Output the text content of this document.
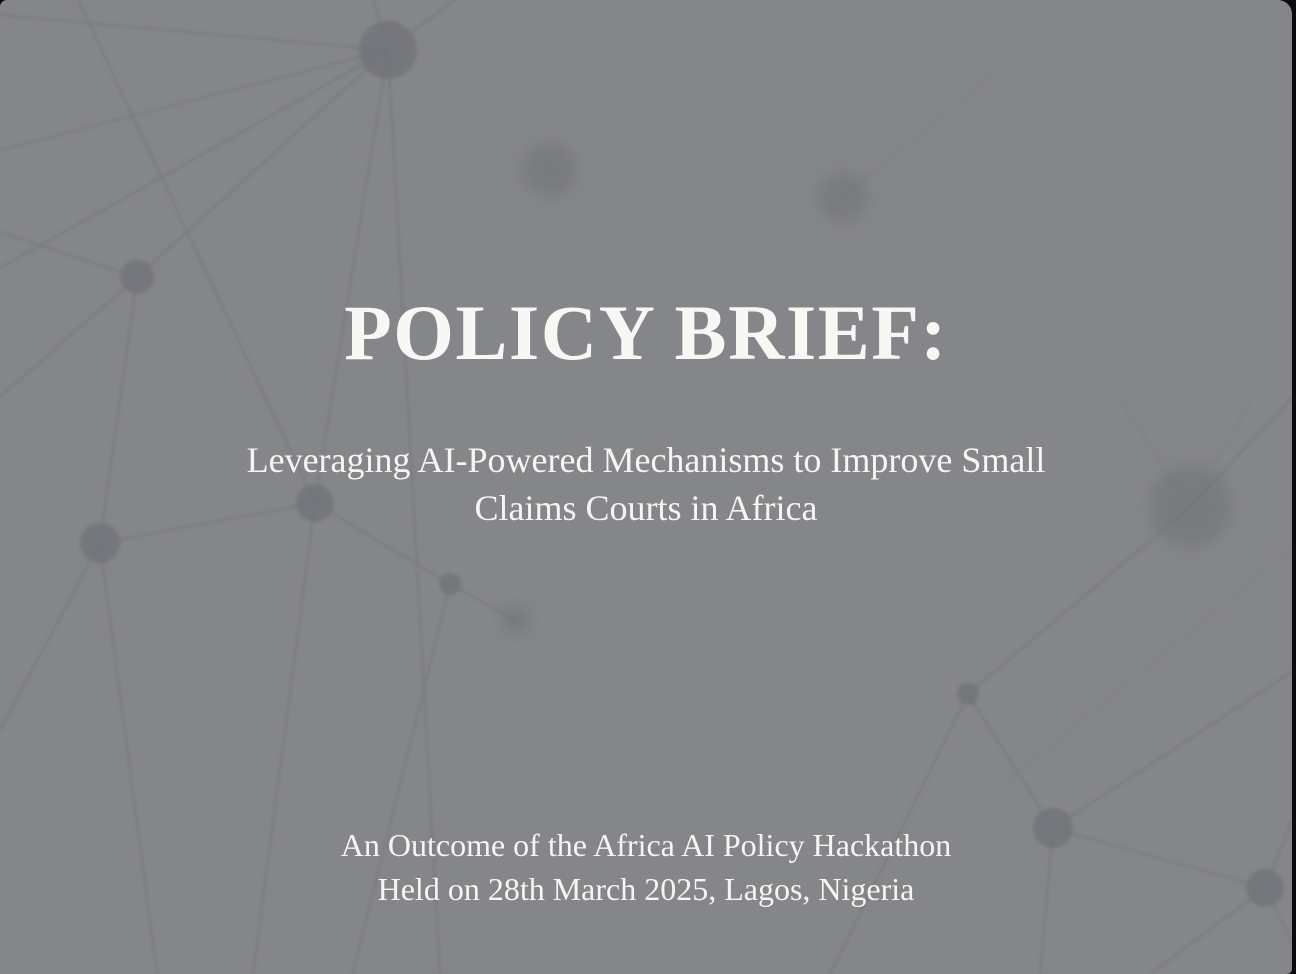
POLICY BRIEF:

Leveraging AI-Powered Mechanisms to Improve Small
Claims Courts in Africa

An Outcome of the Africa AI Policy Hackathon
Held on 28th March 2025, Lagos, Nigeria
